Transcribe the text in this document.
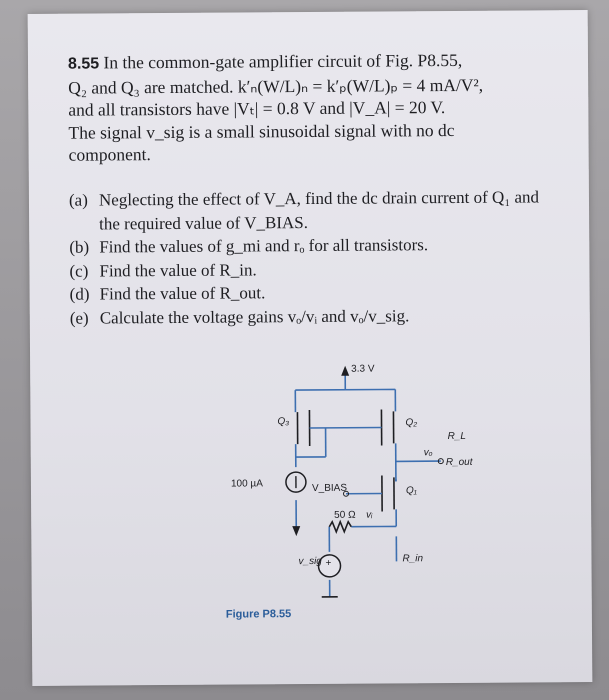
8.55 In the common-gate amplifier circuit of Fig. P8.55,
Q₂ and Q₃ are matched. k′ₙ(W/L)ₙ = k′ₚ(W/L)ₚ = 4 mA/V²,
and all transistors have |Vₜ| = 0.8 V and |V_A| = 20 V.
The signal v_sig is a small sinusoidal signal with no dc
component.
(a) Neglecting the effect of V_A, find the dc drain current of Q₁ and the required value of V_BIAS.
(b) Find the values of g_mi and rₒ for all transistors.
(c) Find the value of R_in.
(d) Find the value of R_out.
(e) Calculate the voltage gains vₒ/vᵢ and vₒ/v_sig.
3.3 V
Q₃	Q₂
Q₁
100 µA	V_BIAS
50 Ω vᵢ
vₒ
R_L
R_out
R_in
v_sig +
Figure P8.55
